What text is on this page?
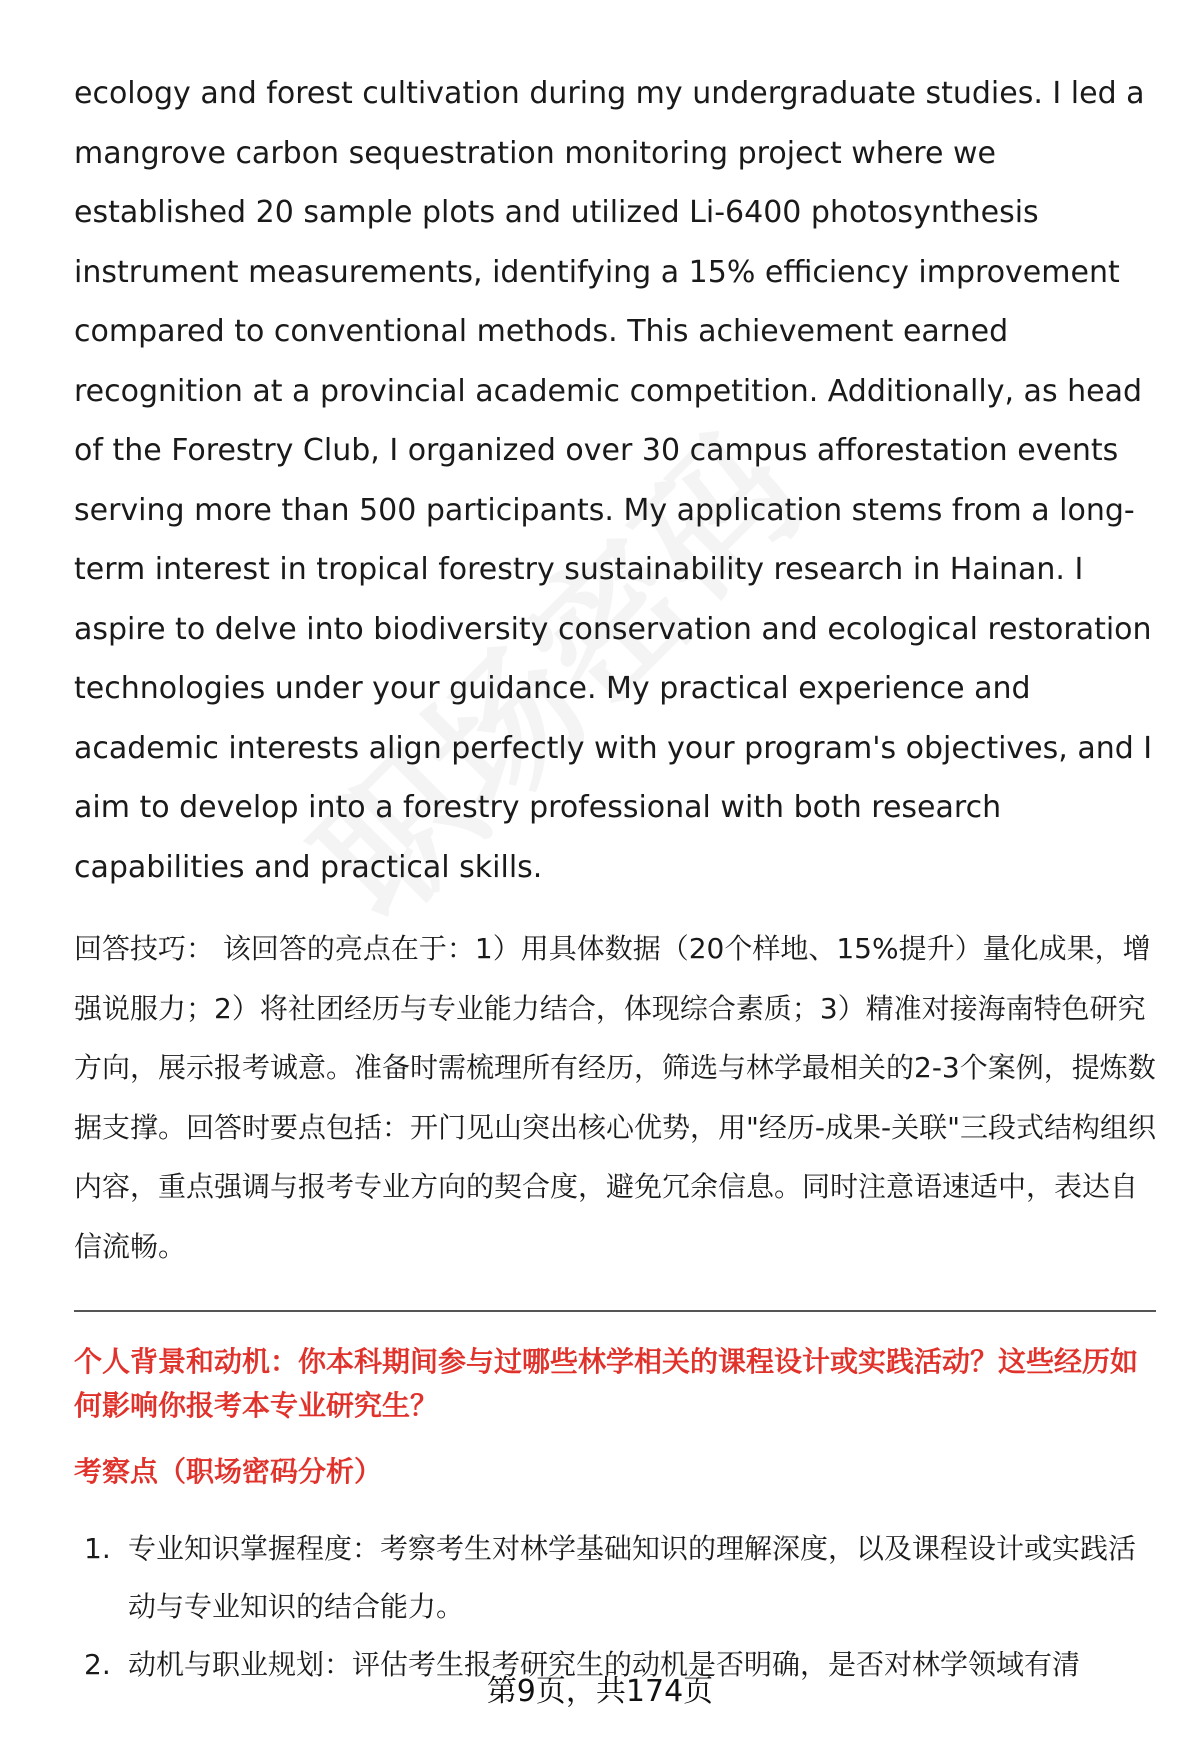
ecology and forest cultivation during my undergraduate studies. I led a mangrove carbon sequestration monitoring project where we established 20 sample plots and utilized Li-6400 photosynthesis instrument measurements, identifying a 15% efficiency improvement compared to conventional methods. This achievement earned recognition at a provincial academic competition. Additionally, as head of the Forestry Club, I organized over 30 campus afforestation events serving more than 500 participants. My application stems from a long-term interest in tropical forestry sustainability research in Hainan. I aspire to delve into biodiversity conservation and ecological restoration technologies under your guidance. My practical experience and academic interests align perfectly with your program's objectives, and I aim to develop into a forestry professional with both research capabilities and practical skills.

回答技巧： 该回答的亮点在于：1）用具体数据（20个样地、15%提升）量化成果，增强说服力；2）将社团经历与专业能力结合，体现综合素质；3）精准对接海南特色研究方向，展示报考诚意。准备时需梳理所有经历，筛选与林学最相关的2-3个案例，提炼数据支撑。回答时要点包括：开门见山突出核心优势，用"经历-成果-关联"三段式结构组织内容，重点强调与报考专业方向的契合度，避免冗余信息。同时注意语速适中，表达自信流畅。

个人背景和动机：你本科期间参与过哪些林学相关的课程设计或实践活动？这些经历如何影响你报考本专业研究生？

考察点（职场密码分析）

1. 专业知识掌握程度：考察考生对林学基础知识的理解深度，以及课程设计或实践活动与专业知识的结合能力。
2. 动机与职业规划：评估考生报考研究生的动机是否明确，是否对林学领域有清
第9页，共174页
